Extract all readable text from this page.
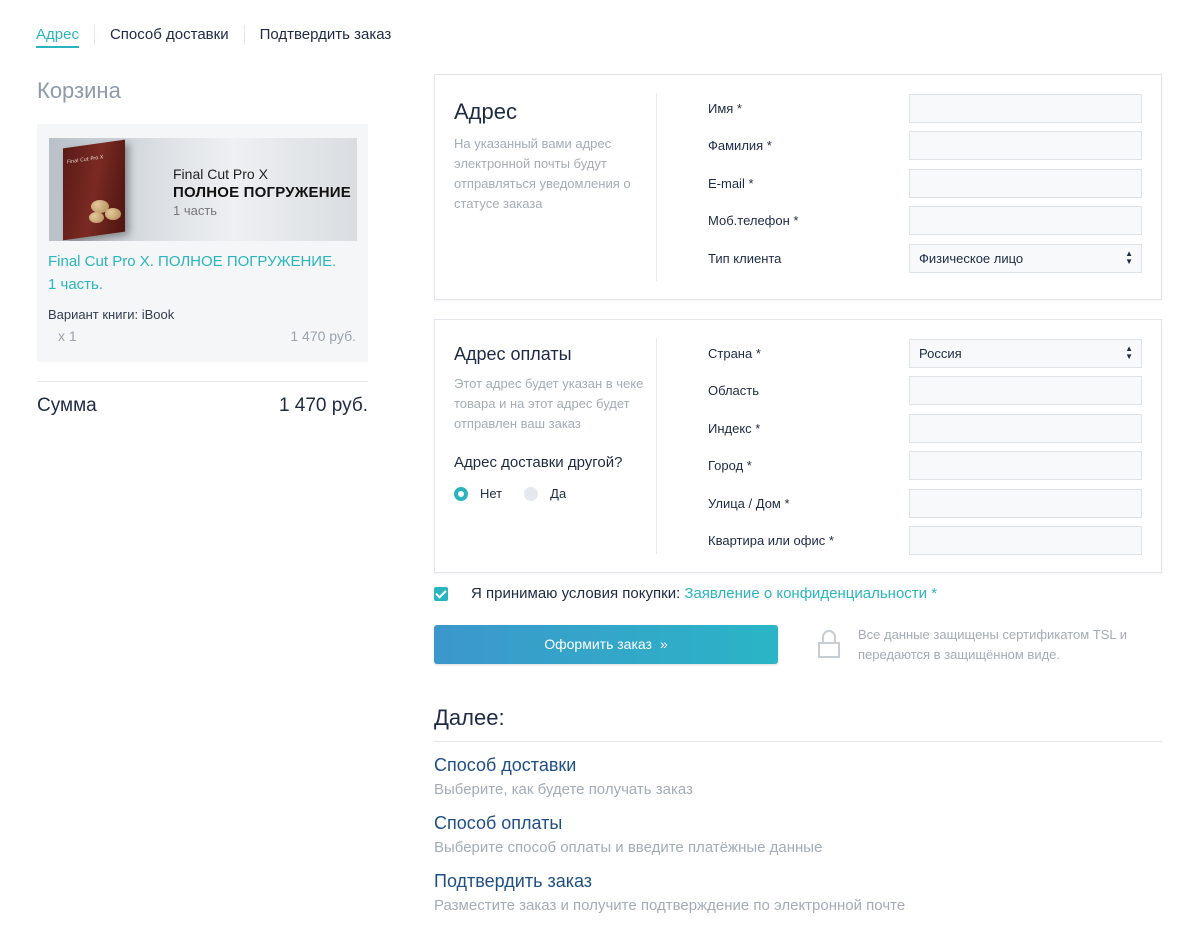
Адрес	Способ доставки	Подтвердить заказ
Корзина
Final Cut Pro X
Final Cut Pro X
ПОЛНОЕ ПОГРУЖЕНИЕ
1 часть
Final Cut Pro X. ПОЛНОЕ ПОГРУЖЕНИЕ. 1 часть.
Вариант книги: iBook
x 1	1 470 руб.
Сумма	1 470 руб.
Адрес

На указанный вами адрес электронной почты будут отправляться уведомления о статусе заказа

Имя *
Фамилия *
E-mail *
Моб.телефон *
Тип клиента	Физическое лицо	▲
▼
Адрес оплаты

Этот адрес будет указан в чеке товара и на этот адрес будет отправлен ваш заказ

Адрес доставки другой?
Нет	Да
Страна *	Россия	▲
▼
Область
Индекс *
Город *
Улица / Дом *
Квартира или офис *
Я принимаю условия покупки: Заявление о конфиденциальности *
Оформить заказ »
Все данные защищены сертификатом TSL и передаются в защищённом виде.
Далее:
Способ доставки
Выберите, как будете получать заказ
Способ оплаты
Выберите способ оплаты и введите платёжные данные
Подтвердить заказ
Разместите заказ и получите подтверждение по электронной почте
